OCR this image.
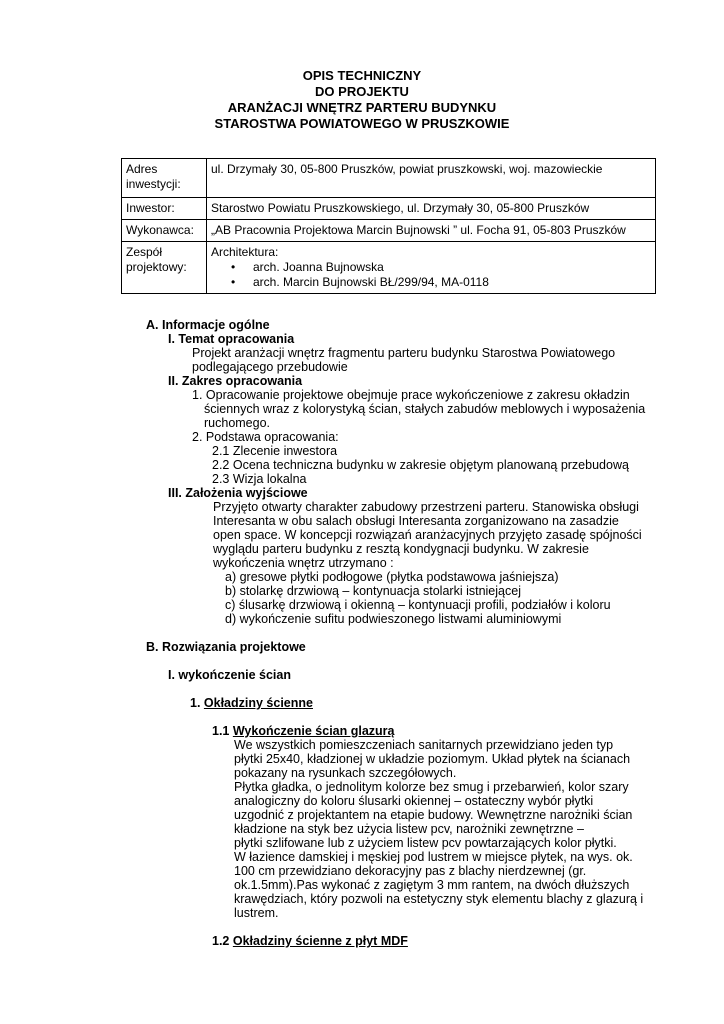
OPIS TECHNICZNY
DO PROJEKTU
ARANŻACJI WNĘTRZ PARTERU BUDYNKU
STAROSTWA POWIATOWEGO W PRUSZKOWIE
Adres inwestycji:	ul. Drzymały 30, 05-800 Pruszków, powiat pruszkowski, woj. mazowieckie
Inwestor:	Starostwo Powiatu Pruszkowskiego, ul. Drzymały 30, 05-800 Pruszków
Wykonawca:	„AB Pracownia Projektowa Marcin Bujnowski ” ul. Focha 91, 05-803 Pruszków
Zespół projektowy:	Architektura:
• arch. Joanna Bujnowska
• arch. Marcin Bujnowski BŁ/299/94, MA-0118
A. Informacje ogólne
I. Temat opracowania
Projekt aranżacji wnętrz fragmentu parteru budynku Starostwa Powiatowego
podlegającego przebudowie
II. Zakres opracowania
1. Opracowanie projektowe obejmuje prace wykończeniowe z zakresu okładzin
ściennych wraz z kolorystyką ścian, stałych zabudów meblowych i wyposażenia
ruchomego.
2. Podstawa opracowania:
2.1 Zlecenie inwestora
2.2 Ocena techniczna budynku w zakresie objętym planowaną przebudową
2.3 Wizja lokalna
III. Założenia wyjściowe
Przyjęto otwarty charakter zabudowy przestrzeni parteru. Stanowiska obsługi
Interesanta w obu salach obsługi Interesanta zorganizowano na zasadzie
open space. W koncepcji rozwiązań aranżacyjnych przyjęto zasadę spójności
wyglądu parteru budynku z resztą kondygnacji budynku. W zakresie
wykończenia wnętrz utrzymano :
a) gresowe płytki podłogowe (płytka podstawowa jaśniejsza)
b) stolarkę drzwiową – kontynuacja stolarki istniejącej
c) ślusarkę drzwiową i okienną – kontynuacji profili, podziałów i koloru
d) wykończenie sufitu podwieszonego listwami aluminiowymi
B. Rozwiązania projektowe
I. wykończenie ścian
1. Okładziny ścienne
1.1 Wykończenie ścian glazurą
We wszystkich pomieszczeniach sanitarnych przewidziano jeden typ
płytki 25x40, kładzionej w układzie poziomym. Układ płytek na ścianach
pokazany na rysunkach szczegółowych.
Płytka gładka, o jednolitym kolorze bez smug i przebarwień, kolor szary
analogiczny do koloru ślusarki okiennej – ostateczny wybór płytki
uzgodnić z projektantem na etapie budowy. Wewnętrzne narożniki ścian
kładzione na styk bez użycia listew pcv, narożniki zewnętrzne –
płytki szlifowane lub z użyciem listew pcv powtarzających kolor płytki.
W łazience damskiej i męskiej pod lustrem w miejsce płytek, na wys. ok.
100 cm przewidziano dekoracyjny pas z blachy nierdzewnej (gr.
ok.1.5mm).Pas wykonać z zagiętym 3 mm rantem, na dwóch dłuższych
krawędziach, który pozwoli na estetyczny styk elementu blachy z glazurą i
lustrem.
1.2 Okładziny ścienne z płyt MDF
